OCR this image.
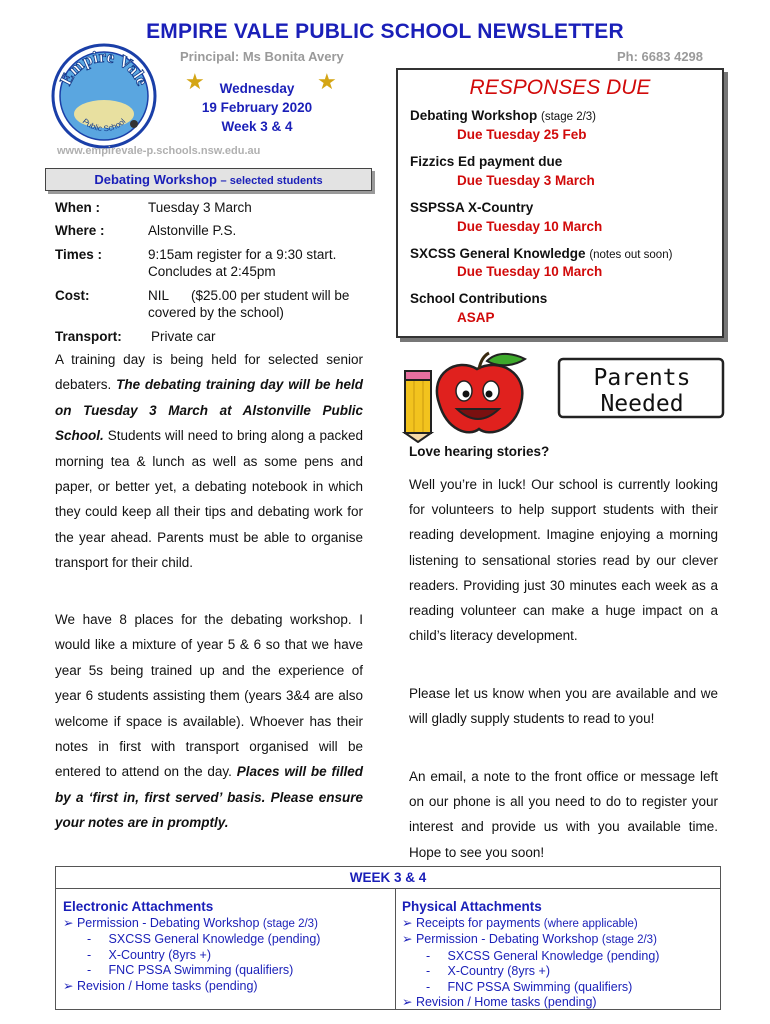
EMPIRE VALE PUBLIC SCHOOL NEWSLETTER
Principal: Ms Bonita Avery	Ph: 6683 4298
Empire Vale
Public School
★	★
Wednesday
19 February 2020
Week 3 & 4
www.empirevale-p.schools.nsw.edu.au
Debating Workshop – selected students
When :	Tuesday 3 March
Where :	Alstonville P.S.
Times :	9:15am register for a 9:30 start. Concludes at 2:45pm
Cost:	NIL      ($25.00 per student will be covered by the school)
Transport: Private car
A training day is being held for selected senior debaters. The debating training day will be held on Tuesday 3 March at Alstonville Public School. Students will need to bring along a packed morning tea & lunch as well as some pens and paper, or better yet, a debating notebook in which they could keep all their tips and debating work for the year ahead. Parents must be able to organise transport for their child.
We have 8 places for the debating workshop. I would like a mixture of year 5 & 6 so that we have year 5s being trained up and the experience of year 6 students assisting them (years 3&4 are also welcome if space is available). Whoever has their notes in first with transport organised will be entered to attend on the day. Places will be filled by a ‘first in, first served’ basis. Please ensure your notes are in promptly.
RESPONSES DUE
Debating Workshop (stage 2/3)
Due Tuesday 25 Feb
Fizzics Ed payment due
Due Tuesday 3 March
SSPSSA X-Country
Due Tuesday 10 March
SXCSS General Knowledge (notes out soon)
Due Tuesday 10 March
School Contributions
ASAP
Parents
Needed
Love hearing stories?
Well you’re in luck! Our school is currently looking for volunteers to help support students with their reading development. Imagine enjoying a morning listening to sensational stories read by our clever readers. Providing just 30 minutes each week as a reading volunteer can make a huge impact on a child’s literacy development.
Please let us know when you are available and we will gladly supply students to read to you!
An email, a note to the front office or message left on our phone is all you need to do to register your interest and provide us with you available time. Hope to see you soon!
WEEK 3 & 4
Electronic Attachments
➢ Permission - Debating Workshop (stage 2/3)
-     SXCSS General Knowledge (pending)
-     X-Country (8yrs +)
-     FNC PSSA Swimming (qualifiers)
➢ Revision / Home tasks (pending)
Physical Attachments
➢ Receipts for payments (where applicable)
➢ Permission - Debating Workshop (stage 2/3)
-     SXCSS General Knowledge (pending)
-     X-Country (8yrs +)
-     FNC PSSA Swimming (qualifiers)
➢ Revision / Home tasks (pending)
